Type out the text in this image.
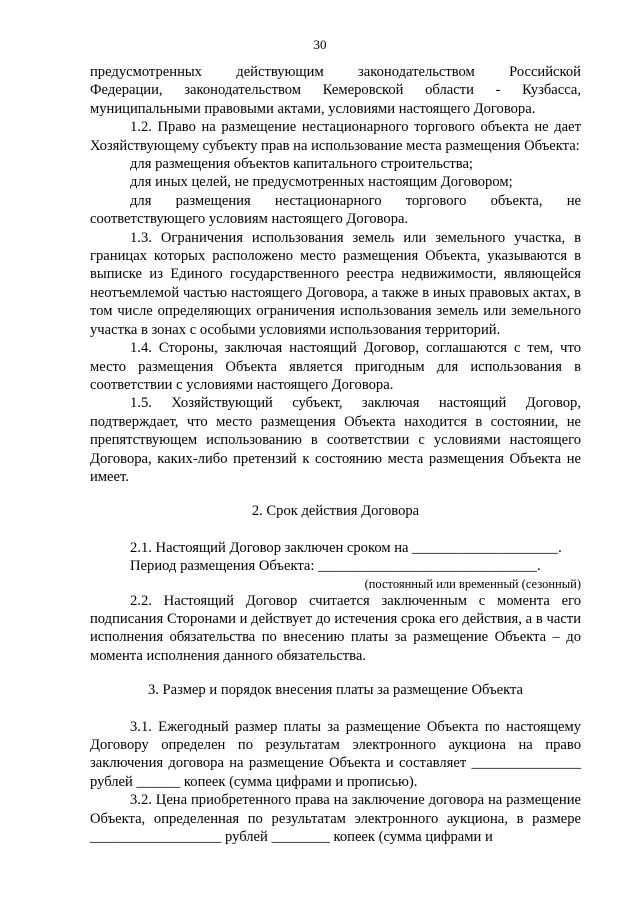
30

предусмотренных действующим законодательством Российской

Федерации, законодательством Кемеровской области - Кузбасса,

муниципальными правовыми актами, условиями настоящего Договора.

1.2. Право на размещение нестационарного торгового объекта не дает Хозяйствующему субъекту прав на использование места размещения Объекта:

для размещения объектов капитального строительства;

для иных целей, не предусмотренных настоящим Договором;

для размещения нестационарного торгового объекта, не соответствующего условиям настоящего Договора.

1.3. Ограничения использования земель или земельного участка, в границах которых расположено место размещения Объекта, указываются в выписке из Единого государственного реестра недвижимости, являющейся неотъемлемой частью настоящего Договора, а также в иных правовых актах, в том числе определяющих ограничения использования земель или земельного участка в зонах с особыми условиями использования территорий.

1.4. Стороны, заключая настоящий Договор, соглашаются с тем, что место размещения Объекта является пригодным для использования в соответствии с условиями настоящего Договора.

1.5. Хозяйствующий субъект, заключая настоящий Договор, подтверждает, что место размещения Объекта находится в состоянии, не препятствующем использованию в соответствии с условиями настоящего Договора, каких-либо претензий к состоянию места размещения Объекта не имеет.

2. Срок действия Договора

2.1. Настоящий Договор заключен сроком на ____________________.

Период размещения Объекта: ______________________________.

(постоянный или временный (сезонный)

2.2. Настоящий Договор считается заключенным с момента его подписания Сторонами и действует до истечения срока его действия, а в части исполнения обязательства по внесению платы за размещение Объекта – до момента исполнения данного обязательства.

3. Размер и порядок внесения платы за размещение Объекта

3.1. Ежегодный размер платы за размещение Объекта по настоящему Договору определен по результатам электронного аукциона на право заключения договора на размещение Объекта и составляет _______________ рублей ______ копеек (сумма цифрами и прописью).

3.2. Цена приобретенного права на заключение договора на размещение Объекта, определенная по результатам электронного аукциона, в размере __________________ рублей ________ копеек (сумма цифрами и
